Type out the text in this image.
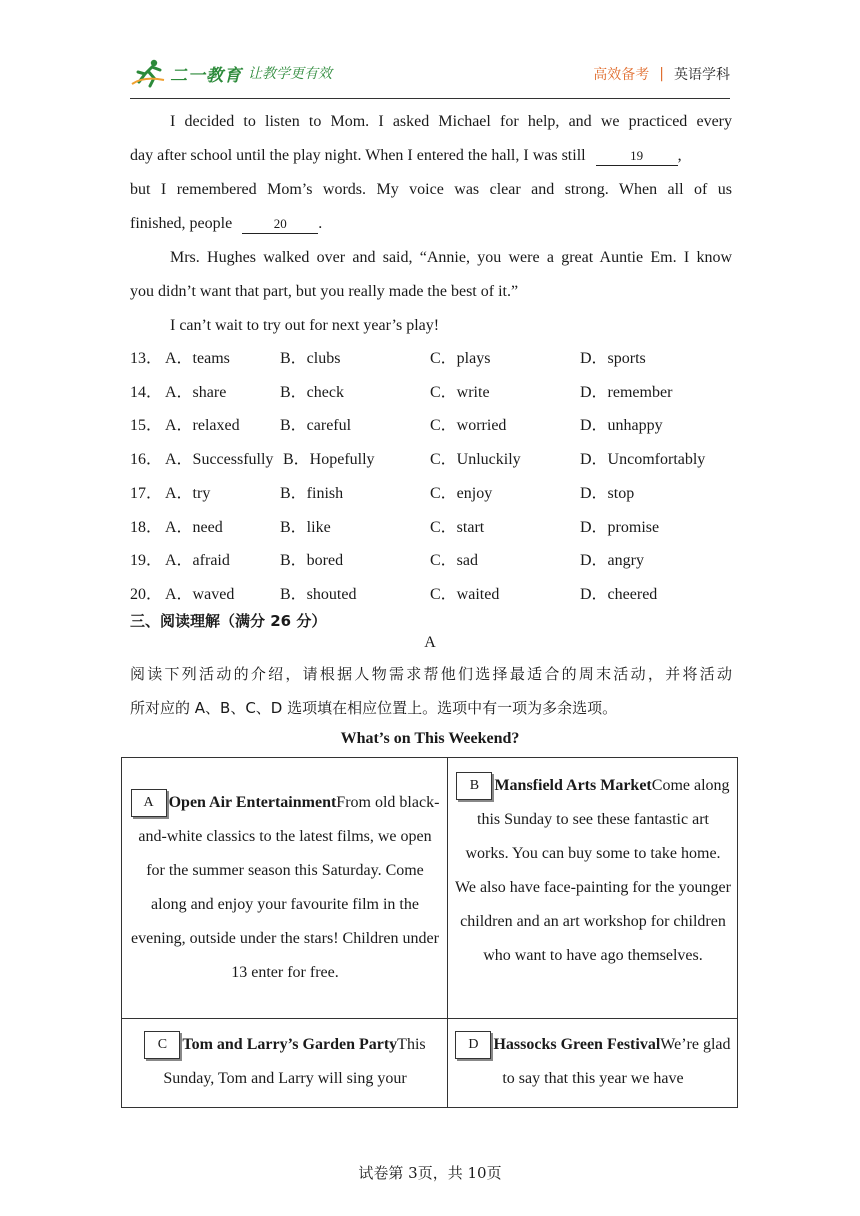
二一教育 让教学更有效	高效备考 | 英语学科
I decided to listen to Mom. I asked Michael for help, and we practiced every
day after school until the play night. When I entered the hall, I was still	19 ,
but I remembered Mom’s words. My voice was clear and strong. When all of us
finished, people	20 .
Mrs. Hughes walked over and said, “Annie, you were a great Auntie Em. I know
you didn’t want that part, but you really made the best of it.”
I can’t wait to try out for next year’s play!
13． A．teams	B．clubs	C．plays	D．sports
14． A．share	B．check	C．write	D．remember
15． A．relaxed	B．careful	C．worried	D．unhappy
16． A．Successfully B．Hopefully	C．Unluckily	D．Uncomfortably
17． A．try	B．finish	C．enjoy	D．stop
18． A．need	B．like	C．start	D．promise
19． A．afraid	B．bored	C．sad	D．angry
20． A．waved	B．shouted	C．waited	D．cheered
三、阅读理解（满分 26 分）
A
阅读下列活动的介绍，请根据人物需求帮他们选择最适合的周末活动，并将活动
所对应的 A、B、C、D 选项填在相应位置上。选项中有一项为多余选项。
What’s on This Weekend?
A Open Air EntertainmentFrom old black-and-white classics to the latest films, we open for the summer season this Saturday. Come along and enjoy your favourite film in the evening, outside under the stars! Children under 13 enter for free.
B Mansfield Arts MarketCome along this Sunday to see these fantastic art works. You can buy some to take home. We also have face-painting for the younger children and an art workshop for children who want to have ago themselves.
C Tom and Larry’s Garden PartyThis Sunday, Tom and Larry will sing your
D Hassocks Green FestivalWe’re glad to say that this year we have
试卷第 3页，共 10页
